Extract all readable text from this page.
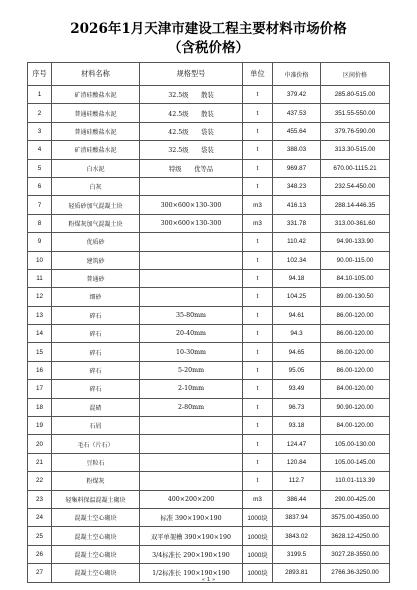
2026年1月天津市建设工程主要材料市场价格
（含税价格）
序号	材料名称	规格型号	单位	中准价格	区间价格
1	矿渣硅酸盐水泥	32.5级　　散装	t	379.42	285.80-515.00
2	普通硅酸盐水泥	42.5级　　散装	t	437.53	351.55-550.00
3	普通硅酸盐水泥	42.5级　　袋装	t	455.64	379.76-590.00
4	矿渣硅酸盐水泥	32.5级　　袋装	t	388.03	313.30-515.00
5	白水泥	特级　　优等品	t	969.87	670.00-1115.21
6	白灰		t	348.23	232.54-450.00
7	轻质砂加气混凝土块	300×600×130-300	m3	416.13	288.14-446.35
8	粉煤灰加气混凝土块	300×600×130-300	m3	331.78	313.00-361.60
9	优质砂		t	110.42	94.90-133.90
10	建筑砂		t	102.34	90.00-115.00
11	普通砂		t	94.18	84.10-105.00
12	细砂		t	104.25	89.00-130.50
13	碎石	35-80mm	t	94.61	86.00-120.00
14	碎石	20-40mm	t	94.3	86.00-120.00
15	碎石	10-30mm	t	94.65	86.00-120.00
16	碎石	5-20mm	t	95.05	86.00-120.00
17	碎石	2-10mm	t	93.49	84.00-120.00
18	混碴	2-80mm	t	96.73	90.90-120.00
19	石屑		t	93.18	84.00-120.00
20	毛石（片石）		t	124.47	105.00-130.00
21	豆粒石		t	120.84	105.00-145.00
22	粉煤灰		t	112.7	110.01-113.39
23	轻集料保温混凝土砌块	400×200×200	m3	386.44	290.00-425.00
24	混凝土空心砌块	标准 390×190×190	1000块	3837.94	3575.00-4350.00
25	混凝土空心砌块	双平单架槽 390×190×190	1000块	3843.02	3628.12-4250.00
26	混凝土空心砌块	3/4标准长 290×190×190	1000块	3199.5	3027.28-3550.00
27	混凝土空心砌块	1/2标准长 190×190×190	1000块	2893.81	2766.36-3250.00
« 1 »
